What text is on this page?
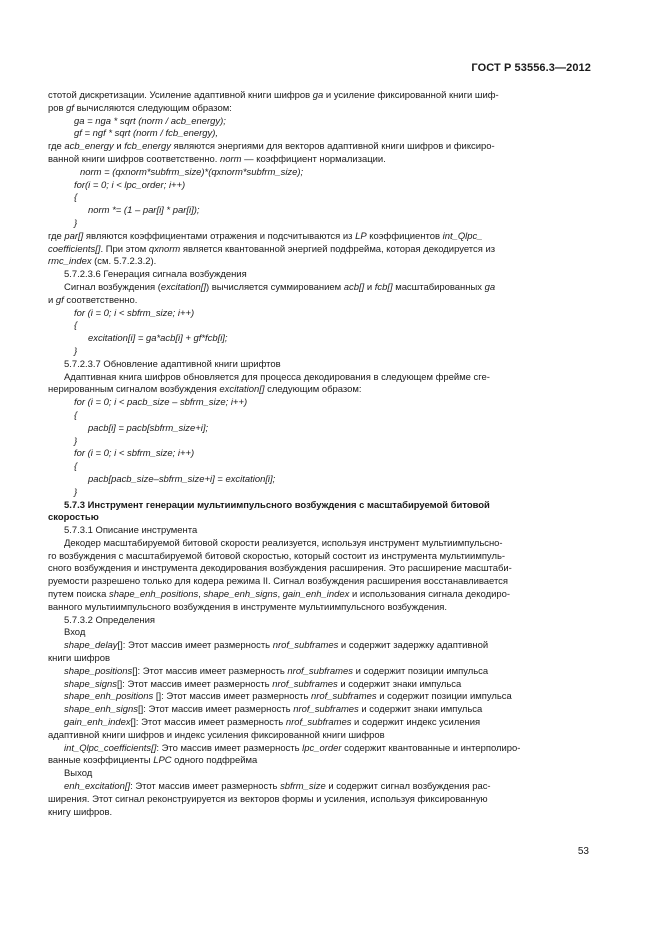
ГОСТ Р 53556.3—2012

стотой дискретизации. Усиление адаптивной книги шифров ga и усиление фиксированной книги шиф-

ров gf вычисляются следующим образом:

ga = nga * sqrt (norm / acb_energy);

gf = ngf * sqrt (norm / fcb_energy),

где acb_energy и fcb_energy являются энергиями для векторов адаптивной книги шифров и фиксиро-

ванной книги шифров соответственно. norm — коэффициент нормализации.

norm = (qxnorm*subfrm_size)*(qxnorm*subfrm_size);

for(i = 0; i < lpc_order; i++)

{

norm *= (1 – par[i] * par[i]);

}

где par[] являются коэффициентами отражения и подсчитываются из LP коэффициентов int_Qlpc_

coefficients[]. При этом qxnorm является квантованной энергией подфрейма, которая декодируется из

rmc_index (см. 5.7.2.3.2).

5.7.2.3.6 Генерация сигнала возбуждения

Сигнал возбуждения (excitation[]) вычисляется суммированием acb[] и fcb[] масштабированных ga

и gf соответственно.

for (i = 0; i < sbfrm_size; i++)

{

excitation[i] = ga*acb[i] + gf*fcb[i];

}

5.7.2.3.7 Обновление адаптивной книги шрифтов

Адаптивная книга шифров обновляется для процесса декодирования в следующем фрейме сге-

нерированным сигналом возбуждения excitation[] следующим образом:

for (i = 0; i < pacb_size – sbfrm_size; i++)

{

pacb[i] = pacb[sbfrm_size+i];

}

for (i = 0; i < sbfrm_size; i++)

{

pacb[pacb_size–sbfrm_size+i] = excitation[i];

}

5.7.3 Инструмент генерации мультиимпульсного возбуждения с масштабируемой битовой

скоростью

5.7.3.1 Описание инструмента

Декодер масштабируемой битовой скорости реализуется, используя инструмент мультиимпульсно-

го возбуждения с масштабируемой битовой скоростью, который состоит из инструмента мультиимпуль-

сного возбуждения и инструмента декодирования возбуждения расширения. Это расширение масштаби-

руемости разрешено только для кодера режима II. Сигнал возбуждения расширения восстанавливается

путем поиска shape_enh_positions, shape_enh_signs, gain_enh_index и использования сигнала декодиро-

ванного мультиимпульсного возбуждения в инструменте мультиимпульсного возбуждения.

5.7.3.2 Определения

Вход

shape_delay[]: Этот массив имеет размерность nrof_subframes и содержит задержку адаптивной

книги шифров

shape_positions[]: Этот массив имеет размерность nrof_subframes и содержит позиции импульса

shape_signs[]: Этот массив имеет размерность nrof_subframes и содержит знаки импульса

shape_enh_positions []: Этот массив имеет размерность nrof_subframes и содержит позиции импульса

shape_enh_signs[]: Этот массив имеет размерность nrof_subframes и содержит знаки импульса

gain_enh_index[]: Этот массив имеет размерность nrof_subframes и содержит индекс усиления

адаптивной книги шифров и индекс усиления фиксированной книги шифров

int_Qlpc_coefficients[]: Это массив имеет размерность lpc_order содержит квантованные и интерполиро-

ванные коэффициенты LPC одного подфрейма

Выход

enh_excitation[]: Этот массив имеет размерность sbfrm_size и содержит сигнал возбуждения рас-

ширения. Этот сигнал реконструируется из векторов формы и усиления, используя фиксированную

книгу шифров.

53
